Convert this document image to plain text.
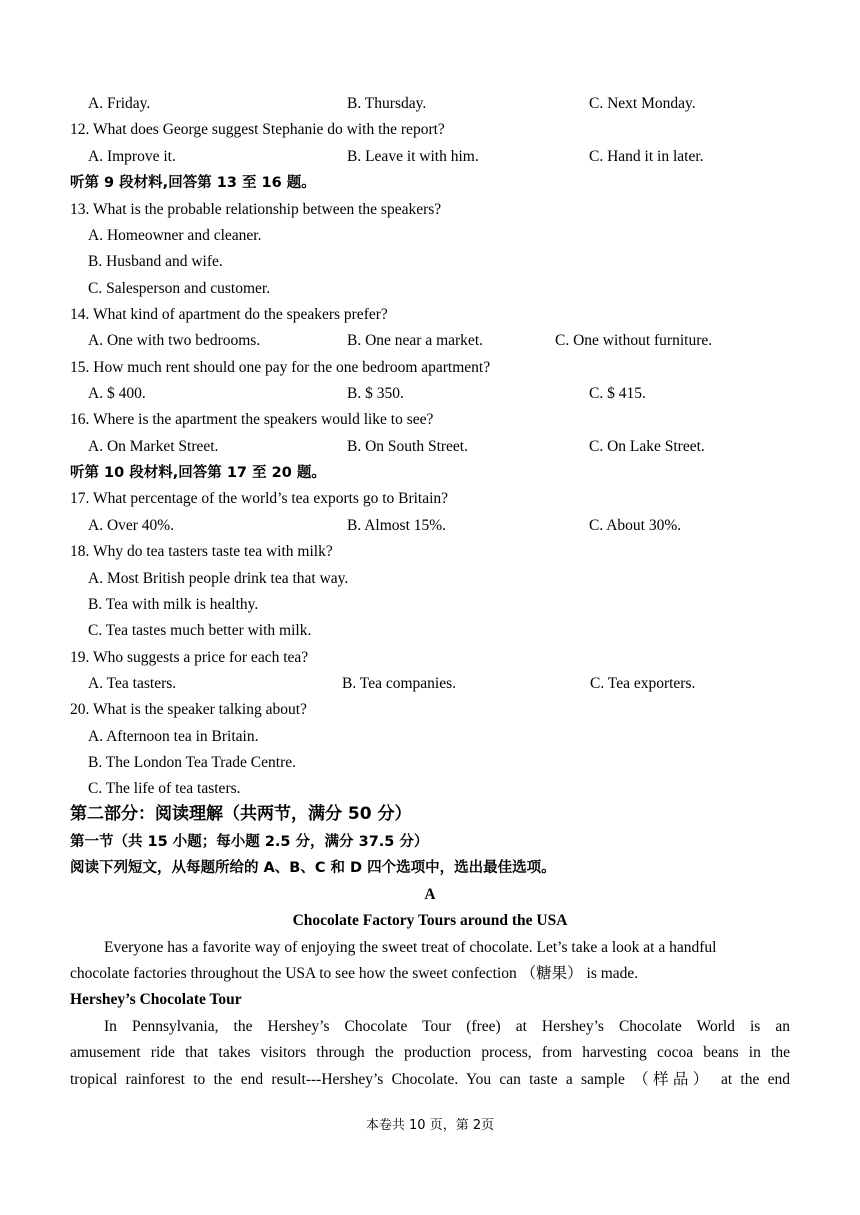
A. Friday.	B. Thursday.	C. Next Monday.
12. What does George suggest Stephanie do with the report?
A. Improve it.	B. Leave it with him.	C. Hand it in later.
听第 9 段材料,回答第 13 至 16 题。
13. What is the probable relationship between the speakers?
A. Homeowner and cleaner.
B. Husband and wife.
C. Salesperson and customer.
14. What kind of apartment do the speakers prefer?
A. One with two bedrooms.	B. One near a market.	C. One without furniture.
15. How much rent should one pay for the one bedroom apartment?
A. $ 400.	B. $ 350.	C. $ 415.
16. Where is the apartment the speakers would like to see?
A. On Market Street.	B. On South Street.	C. On Lake Street.
听第 10 段材料,回答第 17 至 20 题。
17. What percentage of the world’s tea exports go to Britain?
A. Over 40%.	B. Almost 15%.	C. About 30%.
18. Why do tea tasters taste tea with milk?
A. Most British people drink tea that way.
B. Tea with milk is healthy.
C. Tea tastes much better with milk.
19. Who suggests a price for each tea?
A. Tea tasters.	B. Tea companies.	C. Tea exporters.
20. What is the speaker talking about?
A. Afternoon tea in Britain.
B. The London Tea Trade Centre.
C. The life of tea tasters.
第二部分：阅读理解（共两节，满分 50 分）
第一节（共 15 小题；每小题 2.5 分，满分 37.5 分）
阅读下列短文，从每题所给的 A、B、C 和 D 四个选项中，选出最佳选项。
A
Chocolate Factory Tours around the USA
Everyone has a favorite way of enjoying the sweet treat of chocolate. Let’s take a look at a handful
chocolate factories throughout the USA to see how the sweet confection （糖果） is made.
Hershey’s Chocolate Tour
In Pennsylvania, the Hershey’s Chocolate Tour (free) at Hershey’s Chocolate World is an
amusement ride that takes visitors through the production process, from harvesting cocoa beans in the
tropical rainforest to the end result---Hershey’s Chocolate. You can taste a sample （样品） at the end
本卷共 10 页，第 2页
